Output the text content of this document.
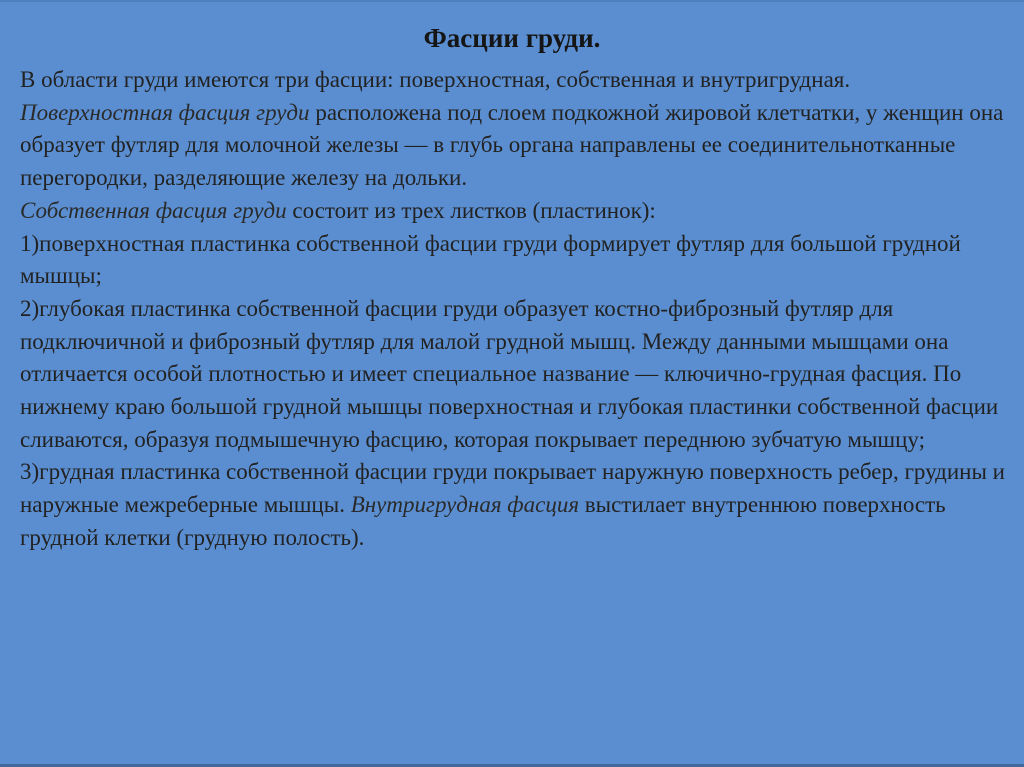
Фасции груди.

В области груди имеются три фасции: поверхностная, собственная и внутригрудная.

Поверхностная фасция груди расположена под слоем подкожной жировой клетчатки, у женщин она образует футляр для молочной железы — в глубь органа направлены ее соединительнотканные перегородки, разделяющие железу на дольки.

Собственная фасция груди состоит из трех листков (пластинок):

1)поверхностная пластинка собственной фасции груди формирует футляр для большой грудной мышцы;

2)глубокая пластинка собственной фасции груди образует костно-фиброзный футляр для подключичной и фиброзный футляр для малой грудной мышц. Между данными мышцами она отличается особой плотностью и имеет специальное название — ключично-грудная фасция. По нижнему краю большой грудной мышцы поверхностная и глубокая пластинки собственной фасции сливаются, образуя подмышечную фасцию, которая покрывает переднюю зубчатую мышцу;

3)грудная пластинка собственной фасции груди покрывает наружную поверхность ребер, грудины и наружные межреберные мышцы. Внутригрудная фасция выстилает внутреннюю поверхность грудной клетки (грудную полость).
